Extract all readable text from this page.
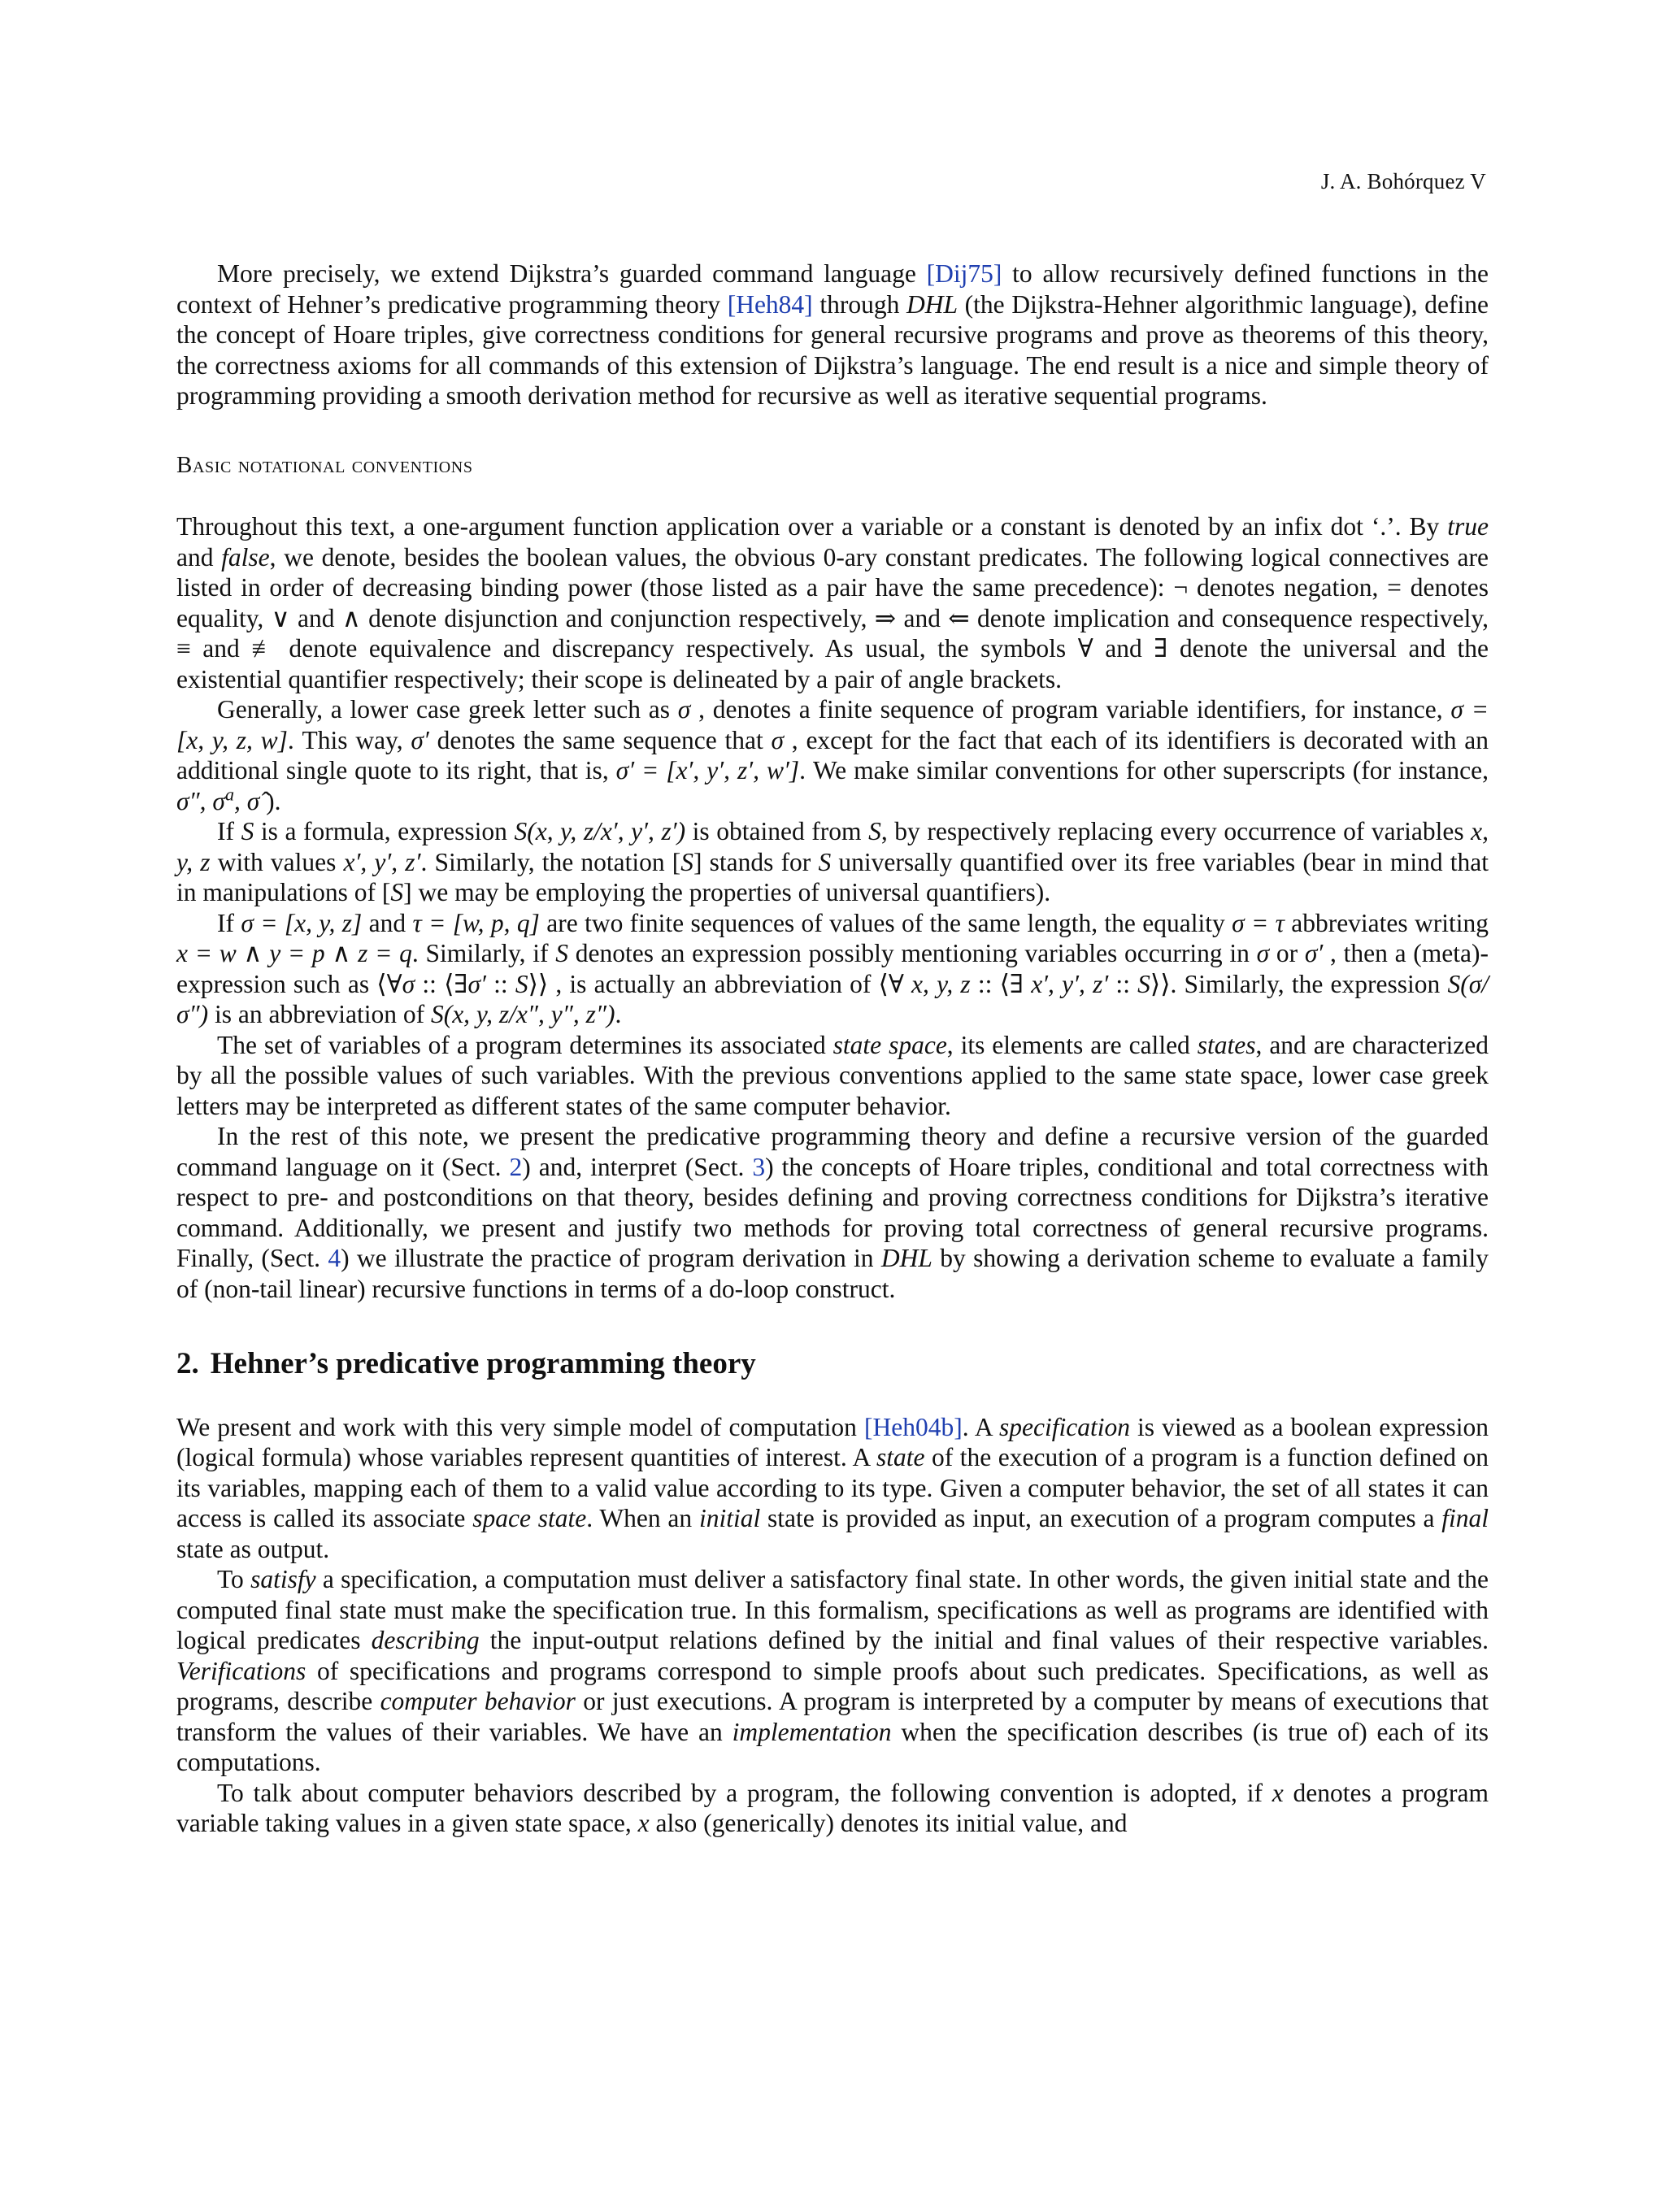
J. A. Bohórquez V

More precisely, we extend Dijkstra’s guarded command language [Dij75] to allow recursively defined functions in the context of Hehner’s predicative programming theory [Heh84] through DHL (the Dijkstra-Hehner algorithmic language), define the concept of Hoare triples, give correctness conditions for general recursive programs and prove as theorems of this theory, the correctness axioms for all commands of this extension of Dijkstra’s language. The end result is a nice and simple theory of programming providing a smooth derivation method for recursive as well as iterative sequential programs.

Basic notational conventions

Throughout this text, a one-argument function application over a variable or a constant is denoted by an infix dot ‘.’. By true and false, we denote, besides the boolean values, the obvious 0-ary constant predicates. The following logical connectives are listed in order of decreasing binding power (those listed as a pair have the same precedence): ¬ denotes negation, = denotes equality, ∨ and ∧ denote disjunction and conjunction respectively, ⇒ and ⇐ denote implication and consequence respectively, ≡ and ≢ denote equivalence and discrepancy respectively. As usual, the symbols ∀ and ∃ denote the universal and the existential quantifier respectively; their scope is delineated by a pair of angle brackets.

Generally, a lower case greek letter such as σ , denotes a finite sequence of program variable identifiers, for instance, σ = [x, y, z, w]. This way, σ′ denotes the same sequence that σ , except for the fact that each of its identifiers is decorated with an additional single quote to its right, that is, σ′ = [x′, y′, z′, w′]. We make similar conventions for other superscripts (for instance, σ″, $\sigma^a$, σ̂ ).

If S is a formula, expression S(x, y, z/x′, y′, z′) is obtained from S, by respectively replacing every occurrence of variables x, y, z with values x′, y′, z′. Similarly, the notation [S] stands for S universally quantified over its free variables (bear in mind that in manipulations of [S] we may be employing the properties of universal quantifiers).

If σ = [x, y, z] and τ = [w, p, q] are two finite sequences of values of the same length, the equality σ = τ abbreviates writing x = w ∧ y = p ∧ z = q. Similarly, if S denotes an expression possibly mentioning variables occurring in σ or σ′ , then a (meta)-expression such as ⟨∀σ :: ⟨∃σ′ :: S⟩⟩ , is actually an abbreviation of ⟨∀ x, y, z :: ⟨∃ x′, y′, z′ :: S⟩⟩. Similarly, the expression S(σ/σ″) is an abbreviation of S(x, y, z/x″, y″, z″).

The set of variables of a program determines its associated state space, its elements are called states, and are characterized by all the possible values of such variables. With the previous conventions applied to the same state space, lower case greek letters may be interpreted as different states of the same computer behavior.

In the rest of this note, we present the predicative programming theory and define a recursive version of the guarded command language on it (Sect. 2) and, interpret (Sect. 3) the concepts of Hoare triples, conditional and total correctness with respect to pre- and postconditions on that theory, besides defining and proving correctness conditions for Dijkstra’s iterative command. Additionally, we present and justify two methods for proving total correctness of general recursive programs. Finally, (Sect. 4) we illustrate the practice of program derivation in DHL by showing a derivation scheme to evaluate a family of (non-tail linear) recursive functions in terms of a do-loop construct.

2. Hehner’s predicative programming theory

We present and work with this very simple model of computation [Heh04b]. A specification is viewed as a boolean expression (logical formula) whose variables represent quantities of interest. A state of the execution of a program is a function defined on its variables, mapping each of them to a valid value according to its type. Given a computer behavior, the set of all states it can access is called its associate space state. When an initial state is provided as input, an execution of a program computes a final state as output.

To satisfy a specification, a computation must deliver a satisfactory final state. In other words, the given initial state and the computed final state must make the specification true. In this formalism, specifications as well as programs are identified with logical predicates describing the input-output relations defined by the initial and final values of their respective variables. Verifications of specifications and programs correspond to simple proofs about such predicates. Specifications, as well as programs, describe computer behavior or just executions. A program is interpreted by a computer by means of executions that transform the values of their variables. We have an implementation when the specification describes (is true of) each of its computations.

To talk about computer behaviors described by a program, the following convention is adopted, if x denotes a program variable taking values in a given state space, x also (generically) denotes its initial value, and
